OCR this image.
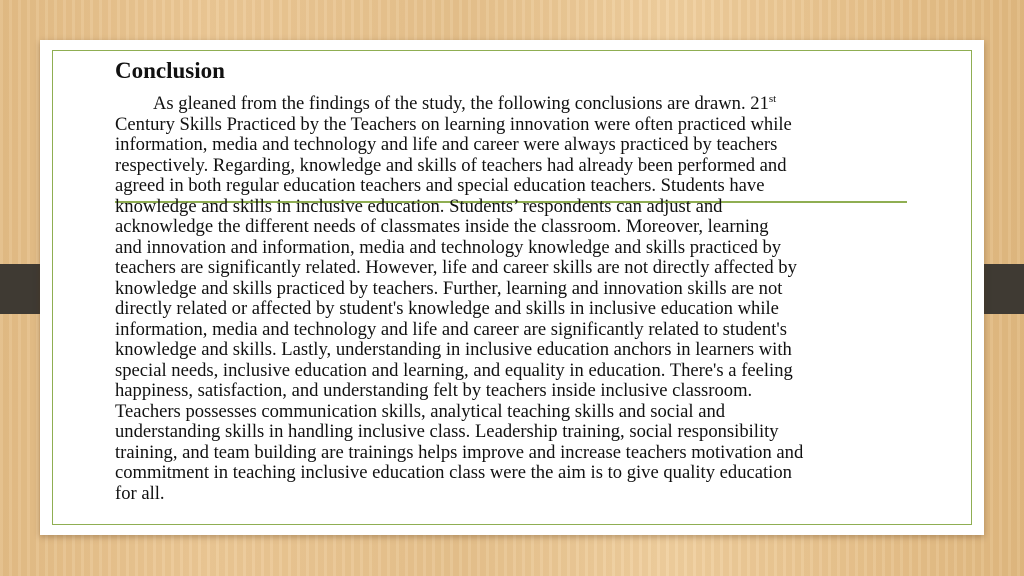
Conclusion
As gleaned from the findings of the study, the following conclusions are drawn. 21st
Century Skills Practiced by the Teachers on learning innovation were often practiced while
information, media and technology and life and career were always practiced by teachers
respectively. Regarding, knowledge and skills of teachers had already been performed and
agreed in both regular education teachers and special education teachers. Students have
knowledge and skills in inclusive education. Students’ respondents can adjust and
acknowledge the different needs of classmates inside the classroom. Moreover, learning
and innovation and information, media and technology knowledge and skills practiced by
teachers are significantly related. However, life and career skills are not directly affected by
knowledge and skills practiced by teachers. Further, learning and innovation skills are not
directly related or affected by student's knowledge and skills in inclusive education while
information, media and technology and life and career are significantly related to student's
knowledge and skills. Lastly, understanding in inclusive education anchors in learners with
special needs, inclusive education and learning, and equality in education. There's a feeling
happiness, satisfaction, and understanding felt by teachers inside inclusive classroom.
Teachers possesses communication skills, analytical teaching skills and social and
understanding skills in handling inclusive class. Leadership training, social responsibility
training, and team building are trainings helps improve and increase teachers motivation and
commitment in teaching inclusive education class were the aim is to give quality education
for all.
